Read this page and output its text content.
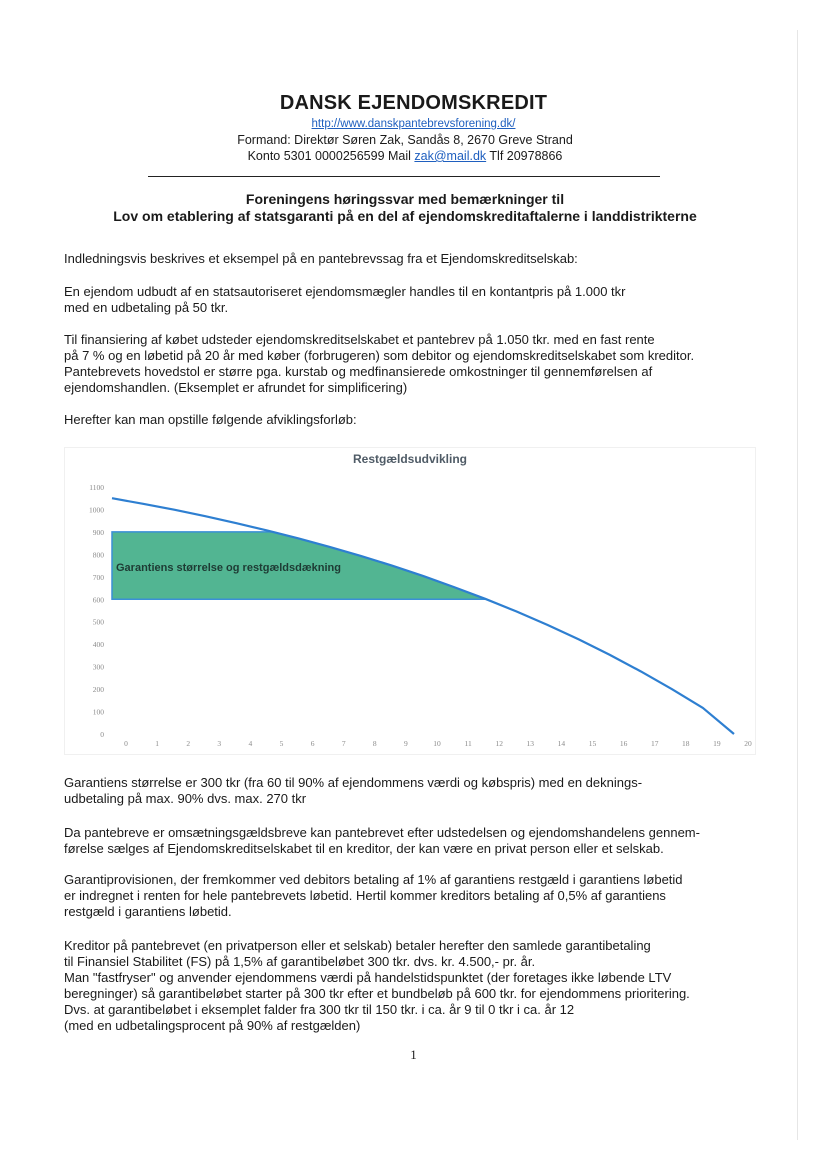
DANSK EJENDOMSKREDIT
http://www.danskpantebrevsforening.dk/
Formand: Direktør Søren Zak, Sandås 8, 2670 Greve Strand
Konto 5301 0000256599 Mail zak@mail.dk Tlf 20978866
Foreningens høringssvar med bemærkninger til
Lov om etablering af statsgaranti på en del af ejendomskreditaftalerne i landdistrikterne
Indledningsvis beskrives et eksempel på en pantebrevssag fra et Ejendomskreditselskab:
En ejendom udbudt af en statsautoriseret ejendomsmægler handles til en kontantpris på 1.000 tkr
med en udbetaling på 50 tkr.
Til finansiering af købet udsteder ejendomskreditselskabet et pantebrev på 1.050 tkr. med en fast rente
på 7 % og en løbetid på 20 år med køber (forbrugeren) som debitor og ejendomskreditselskabet som kreditor.
Pantebrevets hovedstol er større pga. kurstab og medfinansierede omkostninger til gennemførelsen af
ejendomshandlen. (Eksemplet er afrundet for simplificering)
Herefter kan man opstille følgende afviklingsforløb:
Restgældsudvikling
Garantiens størrelse og restgældsdækning
0
100
200
300
400
500
600
700
800
900
1000
1100
0	1	2	3	4	5	6	7	8	9	10	11	12	13	14	15	16	17	18	19	20
Garantiens størrelse er 300 tkr (fra 60 til 90% af ejendommens værdi og købspris) med en deknings-
udbetaling på max. 90% dvs. max. 270 tkr
Da pantebreve er omsætningsgældsbreve kan pantebrevet efter udstedelsen og ejendomshandelens gennem-
førelse sælges af Ejendomskreditselskabet til en kreditor, der kan være en privat person eller et selskab.
Garantiprovisionen, der fremkommer ved debitors betaling af 1% af garantiens restgæld i garantiens løbetid
er indregnet i renten for hele pantebrevets løbetid. Hertil kommer kreditors betaling af 0,5% af garantiens
restgæld i garantiens løbetid.
Kreditor på pantebrevet (en privatperson eller et selskab) betaler herefter den samlede garantibetaling
til Finansiel Stabilitet (FS) på 1,5% af garantibeløbet 300 tkr. dvs. kr. 4.500,- pr. år.
Man "fastfryser" og anvender ejendommens værdi på handelstidspunktet (der foretages ikke løbende LTV
beregninger) så garantibeløbet starter på 300 tkr efter et bundbeløb på 600 tkr. for ejendommens prioritering.
Dvs. at garantibeløbet i eksemplet falder fra 300 tkr til 150 tkr. i ca. år 9 til 0 tkr i ca. år 12
(med en udbetalingsprocent på 90% af restgælden)
1
